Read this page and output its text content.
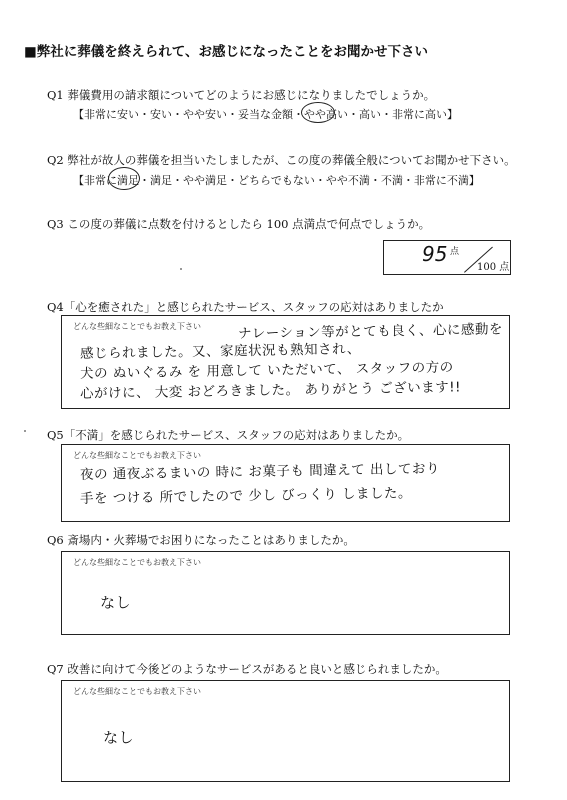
■弊社に葬儀を終えられて、お感じになったことをお聞かせ下さい
Q1 葬儀費用の請求額についてどのようにお感じになりましたでしょうか。
【非常に安い・安い・やや安い・妥当な金額・やや高い・高い・非常に高い】
Q2 弊社が故人の葬儀を担当いたしましたが、この度の葬儀全般についてお聞かせ下さい。
【非常に満足・満足・やや満足・どちらでもない・やや不満・不満・非常に不満】
Q3 この度の葬儀に点数を付けるとしたら 100 点満点で何点でしょうか。
95 点
100 点
Q4「心を癒された」と感じられたサービス、スタッフの応対はありましたか
どんな些細なことでもお教え下さい	ナレーション等がとても良く、心に感動を
感じられました。又、家庭状況も熟知され、
犬の ぬいぐるみ を 用意して いただいて、 スタッフの方の
心がけに、 大変 おどろきました。 ありがとう ございます!!
Q5「不満」を感じられたサービス、スタッフの応対はありましたか。
どんな些細なことでもお教え下さい
夜の 通夜ぶるまいの 時に お菓子も 間違えて 出しており
手を つける 所でしたので 少し びっくり しました。
Q6 斎場内・火葬場でお困りになったことはありましたか。
どんな些細なことでもお教え下さい
なし
Q7 改善に向けて今後どのようなサービスがあると良いと感じられましたか。
どんな些細なことでもお教え下さい
なし
